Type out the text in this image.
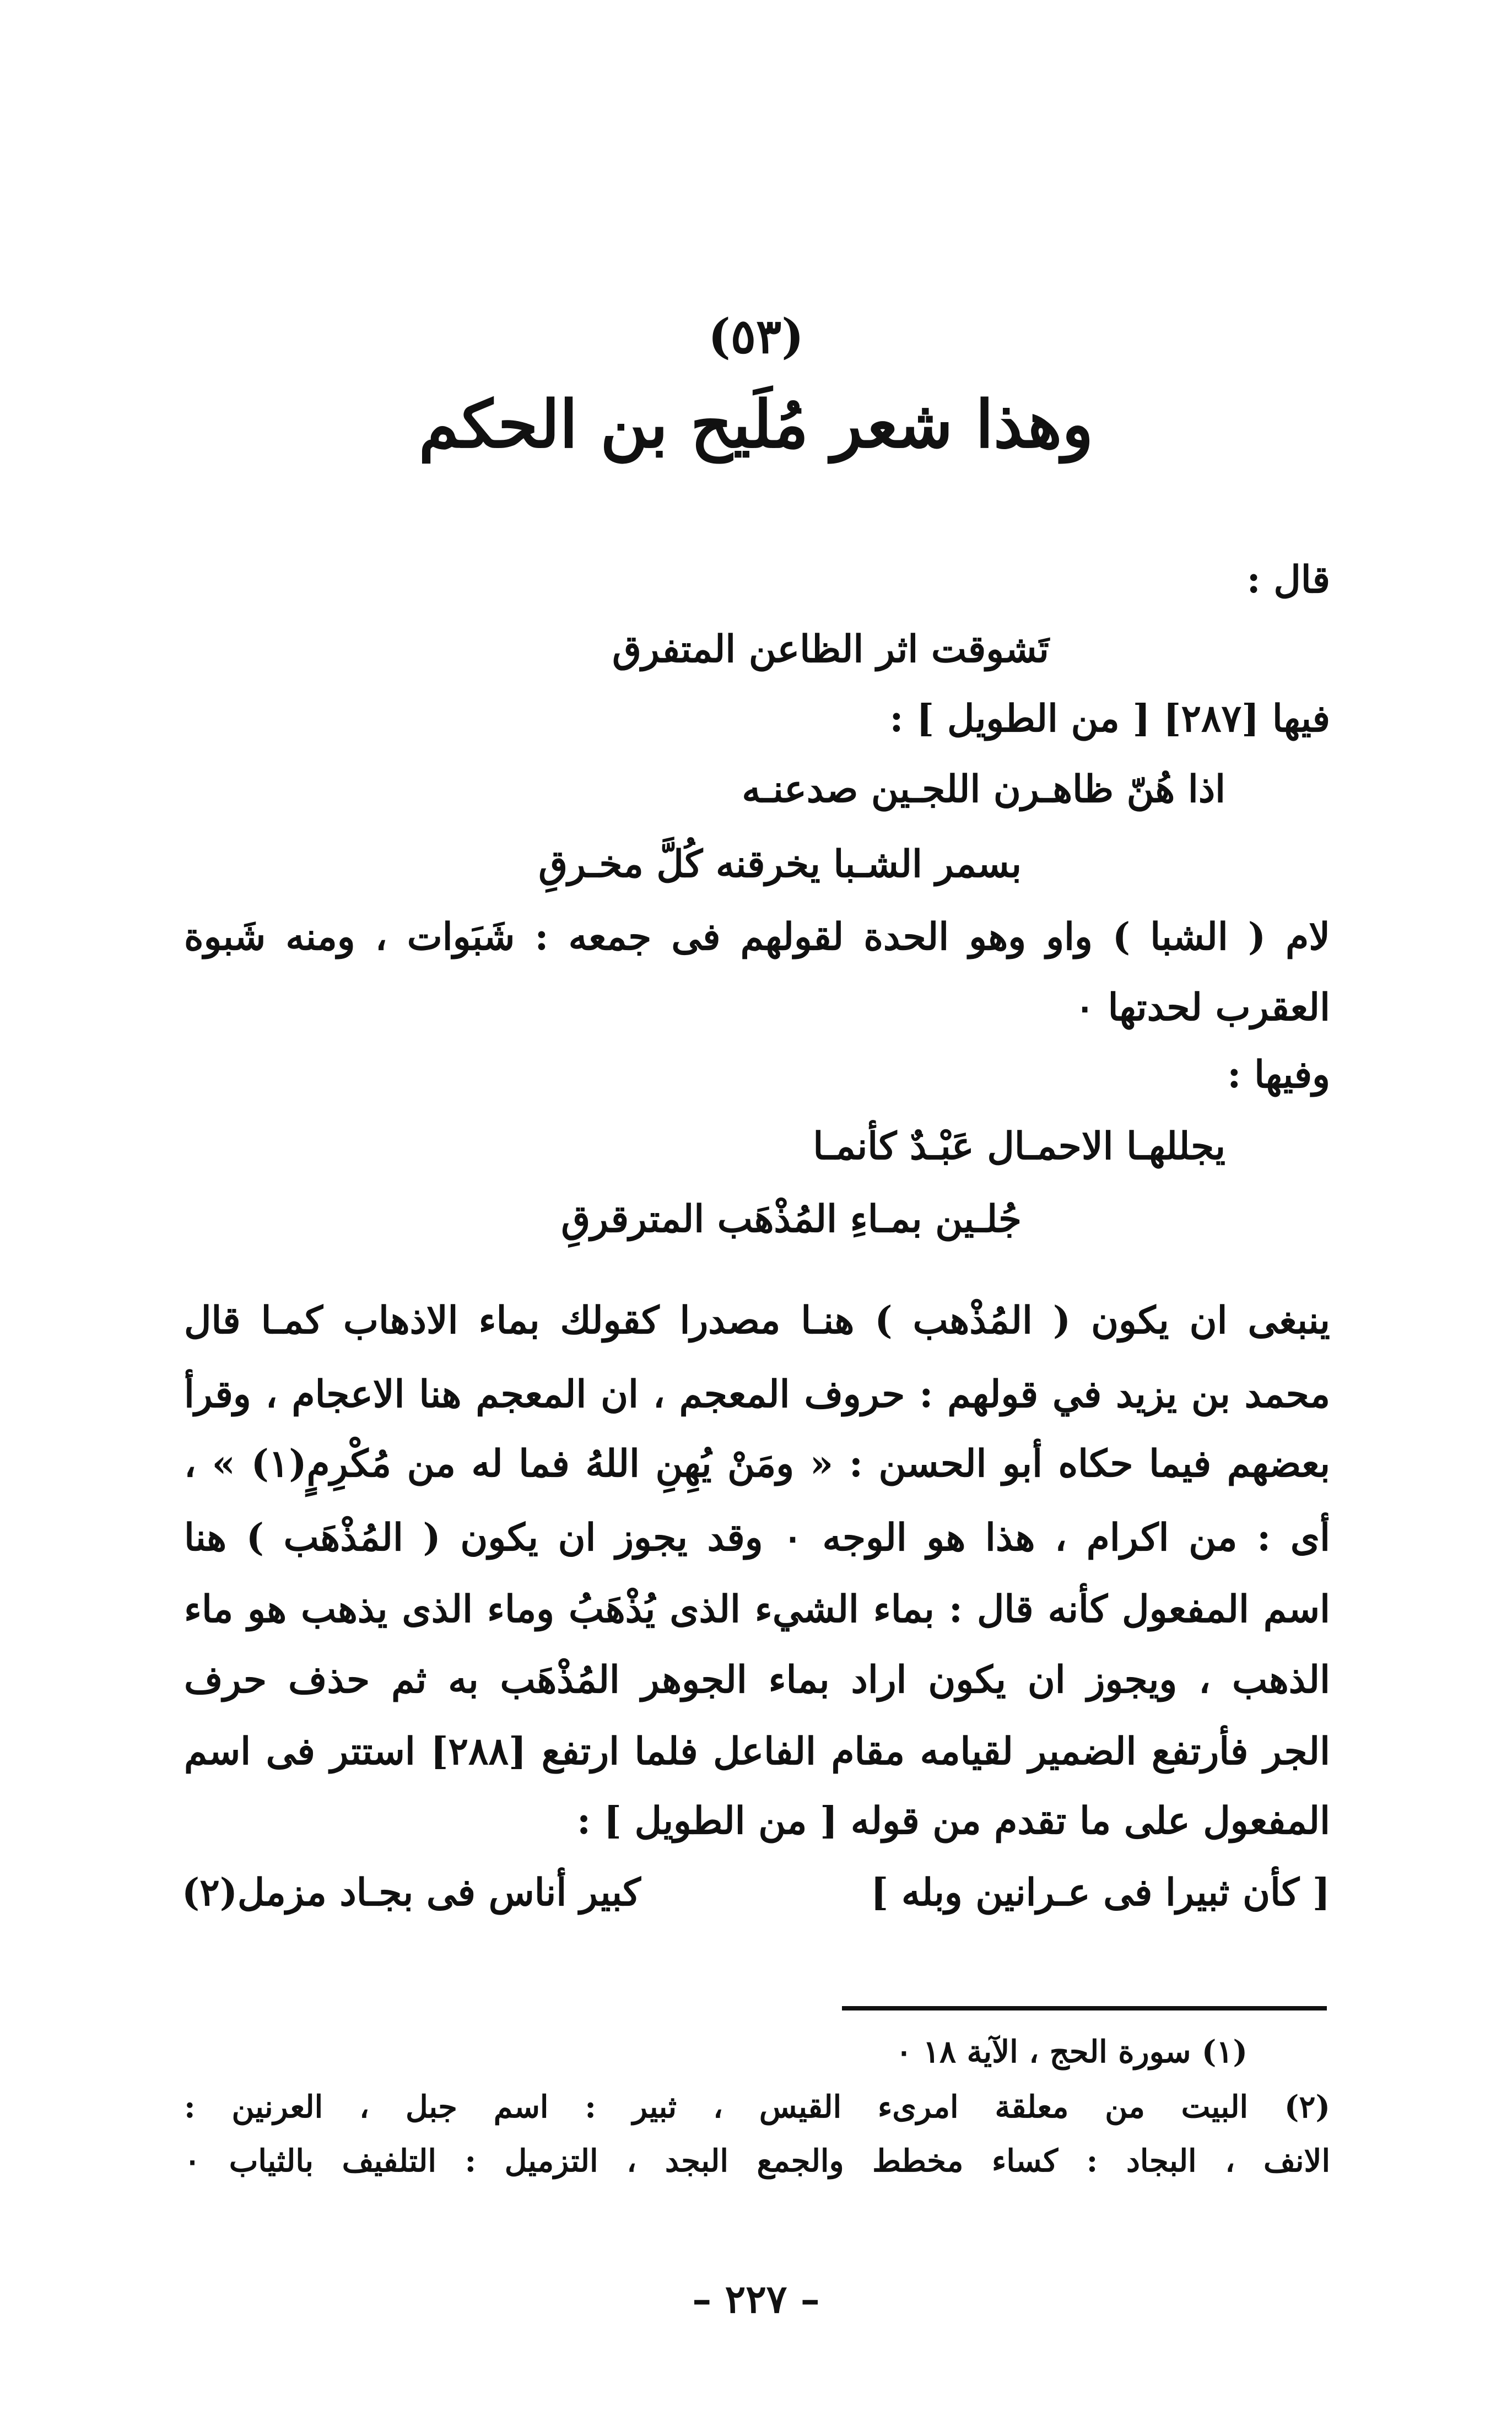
(٥٣)
وهذا شعر مُلَيح بن الحكم
قال :
تَشوقت اثر الظاعن المتفرق
فيها [٢٨٧] [ من الطويل ] :
اذا هُنّ ظاهـرن اللجـين صدعنـه
بسمر الشـبا يخرقنه كُلَّ مخـرقِ
لام ( الشبا ) واو وهو الحدة لقولهم فى جمعه : شَبَوات ، ومنه شَبوة
العقرب لحدتها ٠
وفيها :
يجللهـا الاحمـال عَبْـدٌ كأنمـا
جُلـين بمـاءِ المُذْهَب المترقرقِ
ينبغى ان يكون ( المُذْهب ) هنـا مصدرا كقولك بماء الاذهاب كمـا قال
محمد بن يزيد في قولهم : حروف المعجم ، ان المعجم هنا الاعجام ، وقرأ
بعضهم فيما حكاه أبو الحسن : « ومَنْ يُهِنِ اللهُ فما له من مُكْرِمٍ(١) » ،
أى : من اكرام ، هذا هو الوجه ٠ وقد يجوز ان يكون ( المُذْهَب ) هنا
اسم المفعول كأنه قال : بماء الشيء الذى يُذْهَبُ وماء الذى يذهب هو ماء
الذهب ، ويجوز ان يكون اراد بماء الجوهر المُذْهَب به ثم حذف حرف
الجر فأرتفع الضمير لقيامه مقام الفاعل فلما ارتفع [٢٨٨] استتر فى اسم
المفعول على ما تقدم من قوله [ من الطويل ] :
[ كأن ثبيرا فى عـرانين وبله ]
كبير أناس فى بجـاد مزمل(٢)
(١) سورة الحج ، الآية ١٨ ٠
(٢) البيت من معلقة امرىء القيس ، ثبير : اسم جبل ، العرنين :
الانف ، البجاد : كساء مخطط والجمع البجد ، التزميل : التلفيف بالثياب ٠
– ٢٢٧ –
